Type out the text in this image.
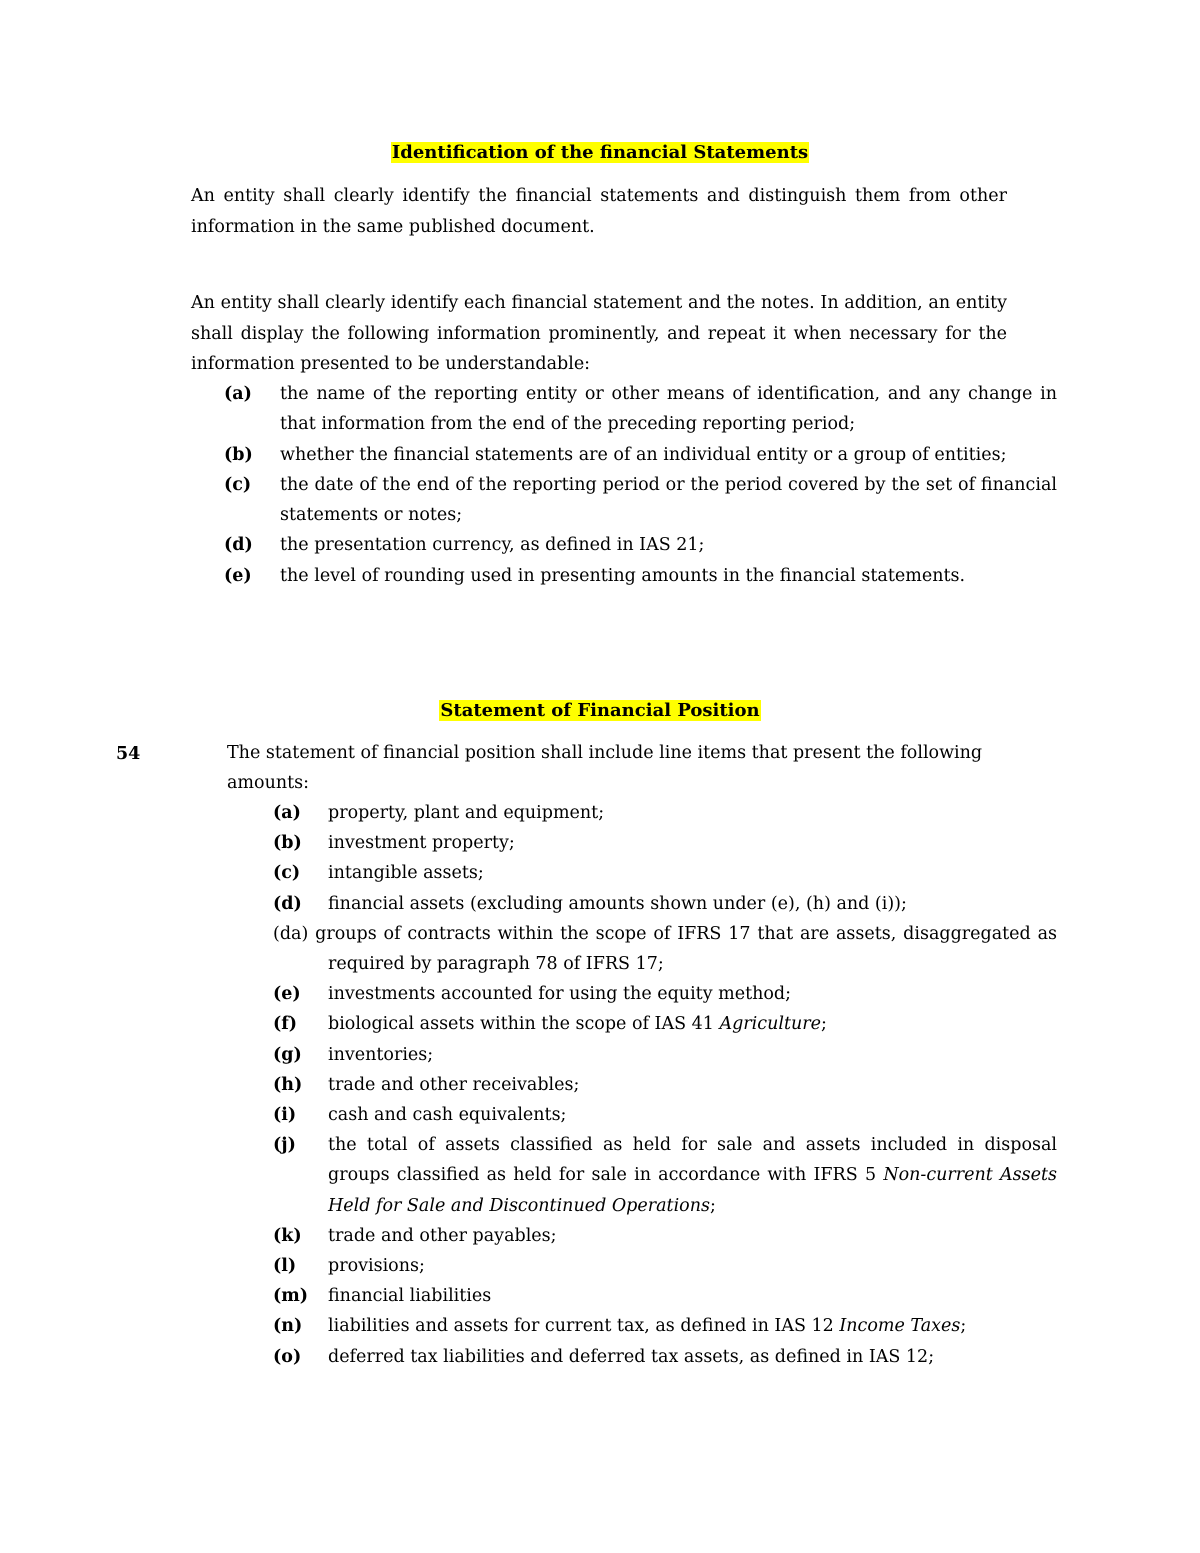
Identification of the financial Statements
An entity shall clearly identify the financial statements and distinguish them from other information in the same published document.
An entity shall clearly identify each financial statement and the notes. In addition, an entity
shall display the following information prominently, and repeat it when necessary for the
information presented to be understandable:
(a) the name of the reporting entity or other means of identification, and any change in that information from the end of the preceding reporting period;
(b) whether the financial statements are of an individual entity or a group of entities;
(c) the date of the end of the reporting period or the period covered by the set of financial statements or notes;
(d) the presentation currency, as defined in IAS 21;
(e) the level of rounding used in presenting amounts in the financial statements.
Statement of Financial Position
54	The statement of financial position shall include line items that present the following amounts:
(a) property, plant and equipment;
(b) investment property;
(c) intangible assets;
(d) financial assets (excluding amounts shown under (e), (h) and (i));
(da) groups of contracts within the scope of IFRS 17 that are assets, disaggregated as
required by paragraph 78 of IFRS 17;
(e) investments accounted for using the equity method;
(f) biological assets within the scope of IAS 41 Agriculture;
(g) inventories;
(h) trade and other receivables;
(i) cash and cash equivalents;
(j) the total of assets classified as held for sale and assets included in disposal groups classified as held for sale in accordance with IFRS 5 Non-current Assets Held for Sale and Discontinued Operations;
(k) trade and other payables;
(l) provisions;
(m) financial liabilities
(n) liabilities and assets for current tax, as defined in IAS 12 Income Taxes;
(o) deferred tax liabilities and deferred tax assets, as defined in IAS 12;
